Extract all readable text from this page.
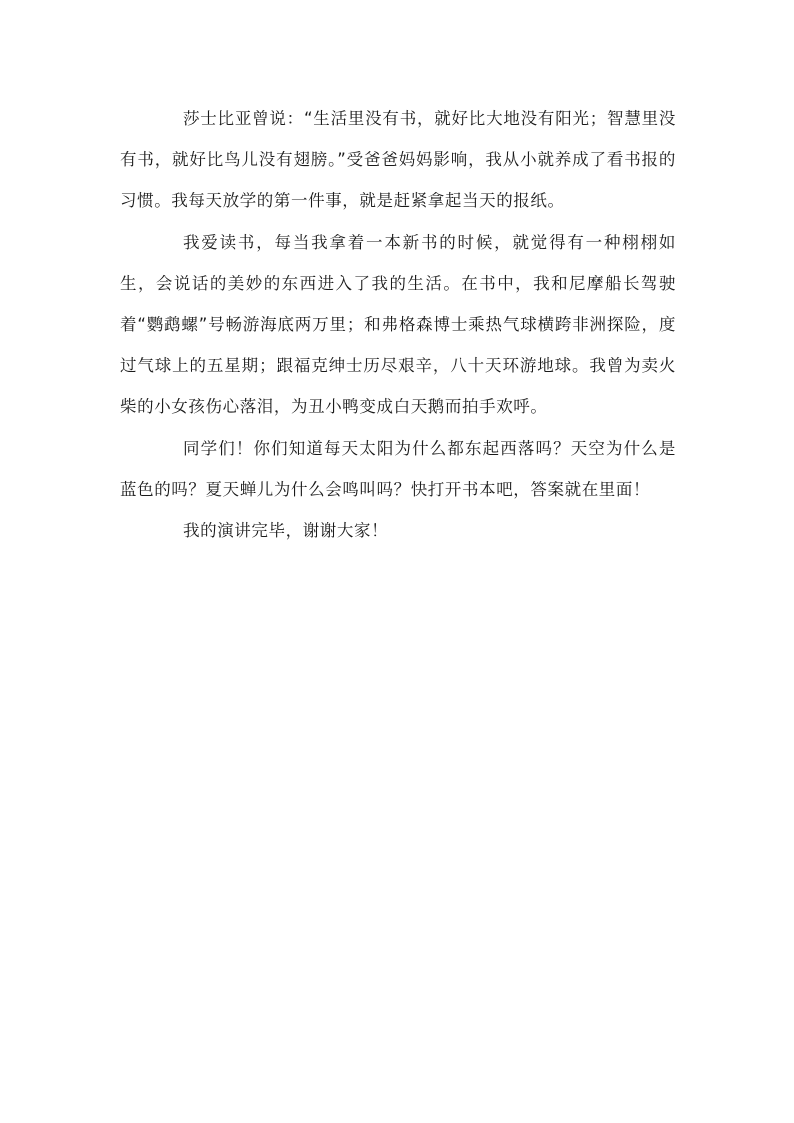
莎士比亚曾说：“生活里没有书，就好比大地没有阳光；智慧里没有书，就好比鸟儿没有翅膀。”受爸爸妈妈影响，我从小就养成了看书报的习惯。我每天放学的第一件事，就是赶紧拿起当天的报纸。

我爱读书，每当我拿着一本新书的时候，就觉得有一种栩栩如生，会说话的美妙的东西进入了我的生活。在书中，我和尼摩船长驾驶着“鹦鹉螺”号畅游海底两万里；和弗格森博士乘热气球横跨非洲探险，度过气球上的五星期；跟福克绅士历尽艰辛，八十天环游地球。我曾为卖火柴的小女孩伤心落泪，为丑小鸭变成白天鹅而拍手欢呼。

同学们！你们知道每天太阳为什么都东起西落吗？天空为什么是蓝色的吗？夏天蝉儿为什么会鸣叫吗？快打开书本吧，答案就在里面！

我的演讲完毕，谢谢大家！
